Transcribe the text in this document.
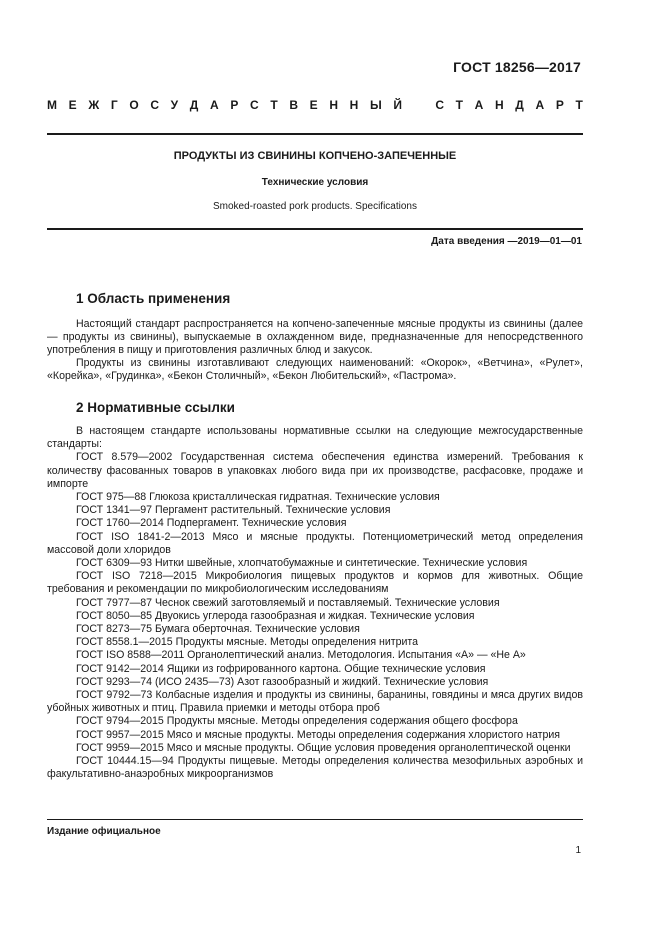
ГОСТ 18256—2017
М Е Ж Г О С У Д А Р С Т В Е Н Н Ы Й	С Т А Н Д А Р Т
ПРОДУКТЫ ИЗ СВИНИНЫ КОПЧЕНО-ЗАПЕЧЕННЫЕ
Технические условия
Smoked-roasted pork products. Specifications
Дата введения —2019—01—01
1 Область применения
Настоящий стандарт распространяется на копчено-запеченные мясные продукты из свинины (далее — продукты из свинины), выпускаемые в охлажденном виде, предназначенные для непосредственного употребления в пищу и приготовления различных блюд и закусок.
Продукты из свинины изготавливают следующих наименований: «Окорок», «Ветчина», «Рулет», «Корейка», «Грудинка», «Бекон Столичный», «Бекон Любительский», «Пастрома».
2 Нормативные ссылки
В настоящем стандарте использованы нормативные ссылки на следующие межгосударственные стандарты:
ГОСТ 8.579—2002 Государственная система обеспечения единства измерений. Требования к количеству фасованных товаров в упаковках любого вида при их производстве, расфасовке, продаже и импорте
ГОСТ 975—88 Глюкоза кристаллическая гидратная. Технические условия
ГОСТ 1341—97 Пергамент растительный. Технические условия
ГОСТ 1760—2014 Подпергамент. Технические условия
ГОСТ ISO 1841-2—2013 Мясо и мясные продукты. Потенциометрический метод определения массовой доли хлоридов
ГОСТ 6309—93 Нитки швейные, хлопчатобумажные и синтетические. Технические условия
ГОСТ ISO 7218—2015 Микробиология пищевых продуктов и кормов для животных. Общие требования и рекомендации по микробиологическим исследованиям
ГОСТ 7977—87 Чеснок свежий заготовляемый и поставляемый. Технические условия
ГОСТ 8050—85 Двуокись углерода газообразная и жидкая. Технические условия
ГОСТ 8273—75 Бумага оберточная. Технические условия
ГОСТ 8558.1—2015 Продукты мясные. Методы определения нитрита
ГОСТ ISO 8588—2011 Органолептический анализ. Методология. Испытания «А» — «Не А»
ГОСТ 9142—2014 Ящики из гофрированного картона. Общие технические условия
ГОСТ 9293—74 (ИСО 2435—73) Азот газообразный и жидкий. Технические условия
ГОСТ 9792—73 Колбасные изделия и продукты из свинины, баранины, говядины и мяса других видов убойных животных и птиц. Правила приемки и методы отбора проб
ГОСТ 9794—2015 Продукты мясные. Методы определения содержания общего фосфора
ГОСТ 9957—2015 Мясо и мясные продукты. Методы определения содержания хлористого натрия
ГОСТ 9959—2015 Мясо и мясные продукты. Общие условия проведения органолептической оценки
ГОСТ 10444.15—94 Продукты пищевые. Методы определения количества мезофильных аэробных и факультативно-анаэробных микроорганизмов
Издание официальное
1
